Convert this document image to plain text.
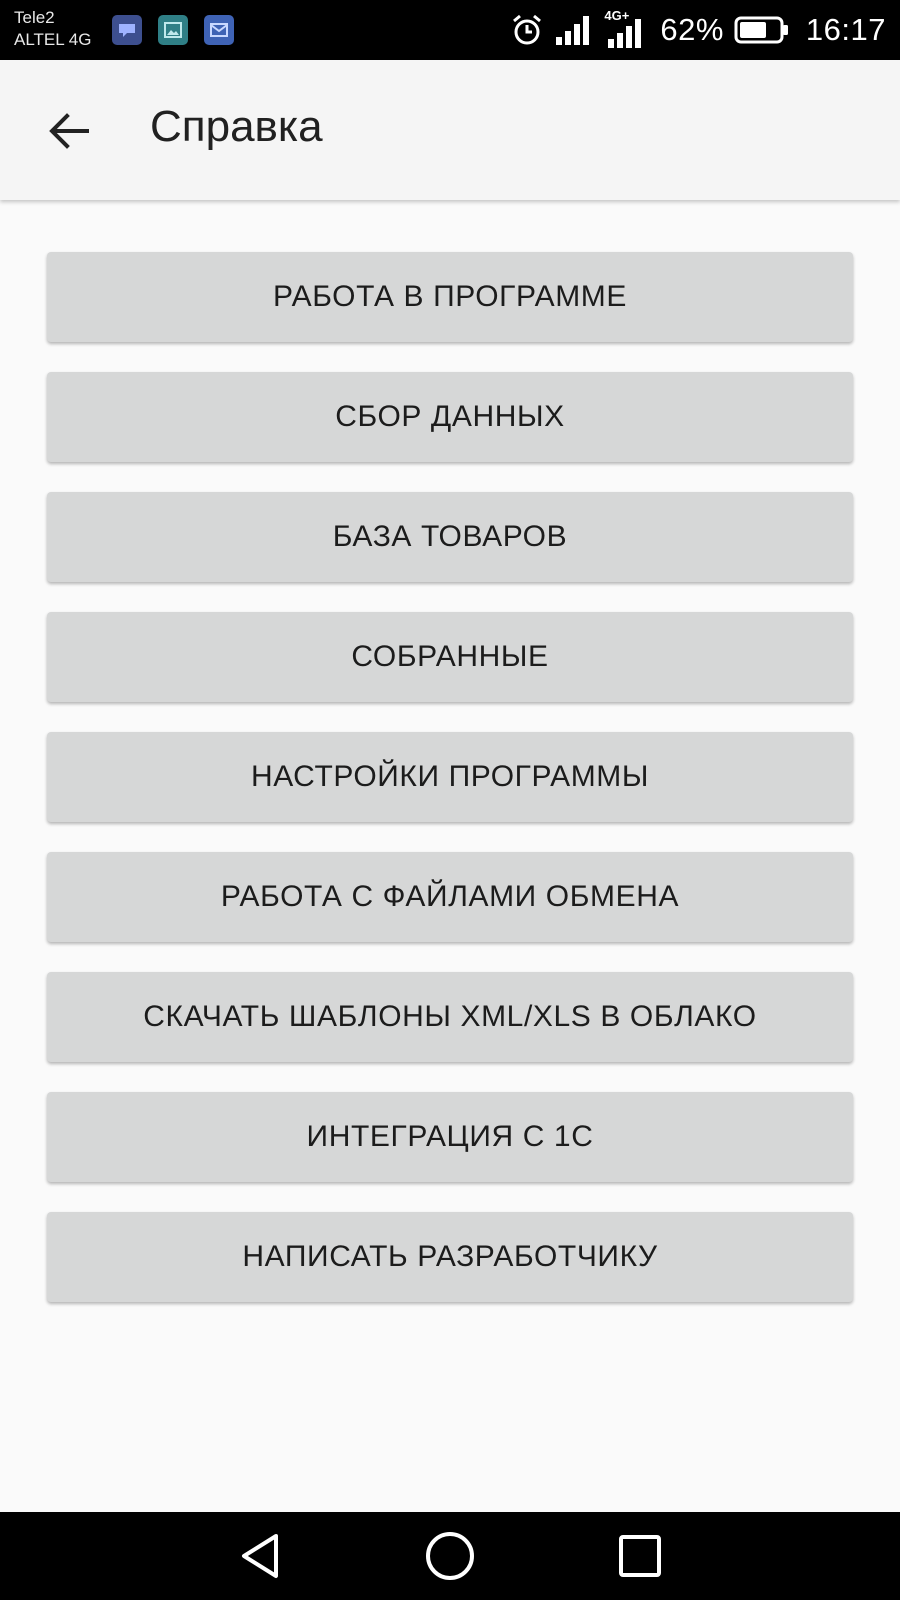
Tele2
ALTEL 4G
4G+ 62%	16:17
Справка
РАБОТА В ПРОГРАММЕ
СБОР ДАННЫХ
БАЗА ТОВАРОВ
СОБРАННЫЕ
НАСТРОЙКИ ПРОГРАММЫ
РАБОТА С ФАЙЛАМИ ОБМЕНА
СКАЧАТЬ ШАБЛОНЫ XML/XLS В ОБЛАКО
ИНТЕГРАЦИЯ С 1С
НАПИСАТЬ РАЗРАБОТЧИКУ
